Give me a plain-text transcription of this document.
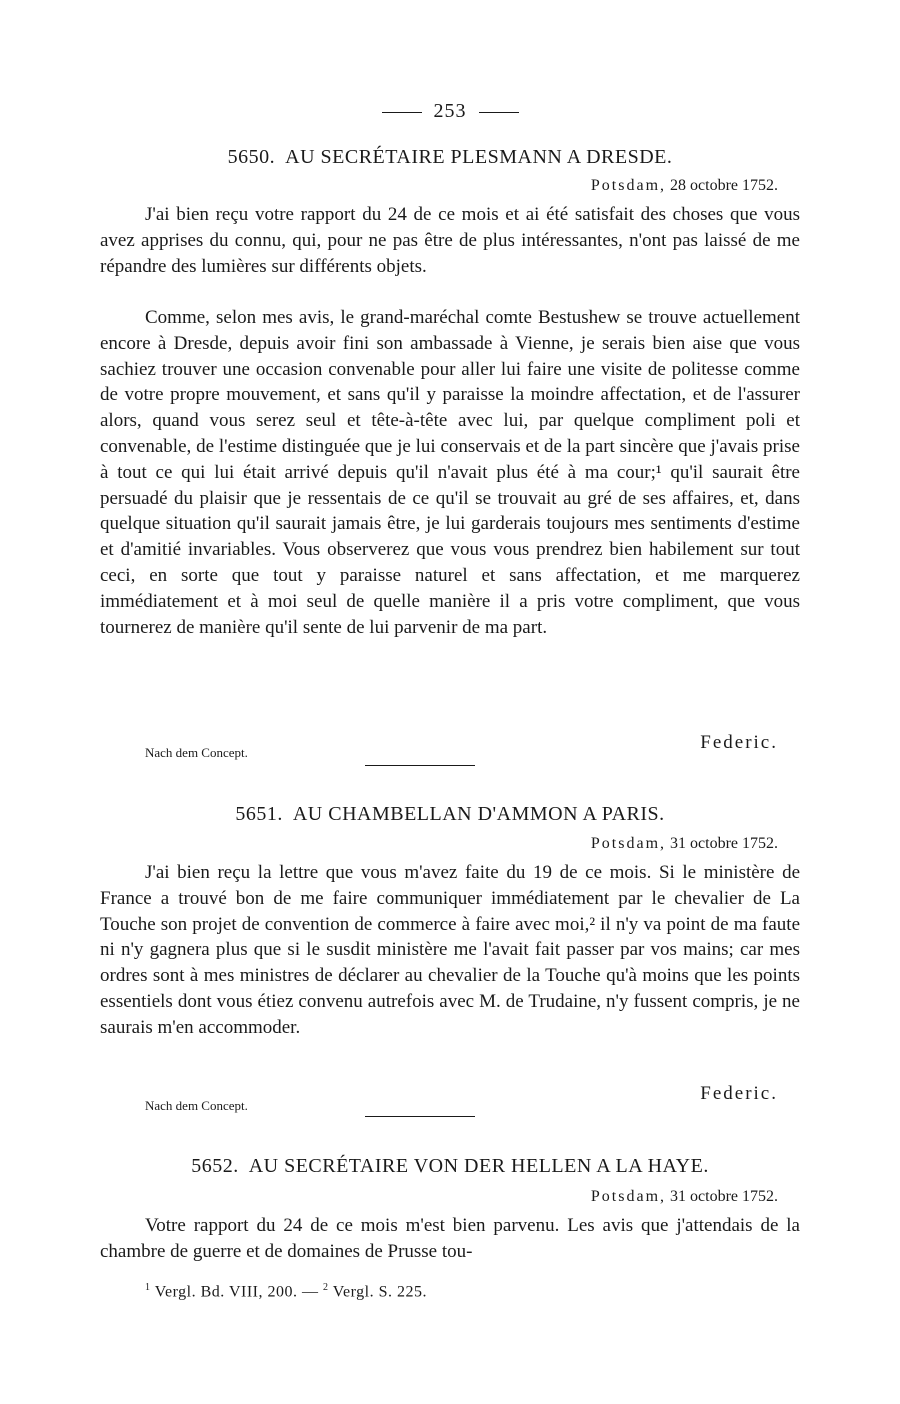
253
5650. AU SECRÉTAIRE PLESMANN A DRESDE.
Potsdam, 28 octobre 1752.

J'ai bien reçu votre rapport du 24 de ce mois et ai été satisfait des choses que vous avez apprises du connu, qui, pour ne pas être de plus intéressantes, n'ont pas laissé de me répandre des lumières sur différents objets.

Comme, selon mes avis, le grand-maréchal comte Bestushew se trouve actuellement encore à Dresde, depuis avoir fini son ambassade à Vienne, je serais bien aise que vous sachiez trouver une occasion convenable pour aller lui faire une visite de politesse comme de votre propre mouvement, et sans qu'il y paraisse la moindre affectation, et de l'assurer alors, quand vous serez seul et tête-à-tête avec lui, par quelque compliment poli et convenable, de l'estime distinguée que je lui conservais et de la part sincère que j'avais prise à tout ce qui lui était arrivé depuis qu'il n'avait plus été à ma cour;¹ qu'il saurait être persuadé du plaisir que je ressentais de ce qu'il se trouvait au gré de ses affaires, et, dans quelque situation qu'il saurait jamais être, je lui garderais toujours mes sentiments d'estime et d'amitié invariables. Vous observerez que vous vous prendrez bien habilement sur tout ceci, en sorte que tout y paraisse naturel et sans affectation, et me marquerez immédiatement et à moi seul de quelle manière il a pris votre compliment, que vous tournerez de manière qu'il sente de lui parvenir de ma part.

Nach dem Concept.	Federic.
5651. AU CHAMBELLAN D'AMMON A PARIS.
Potsdam, 31 octobre 1752.

J'ai bien reçu la lettre que vous m'avez faite du 19 de ce mois. Si le ministère de France a trouvé bon de me faire communiquer immédiatement par le chevalier de La Touche son projet de convention de commerce à faire avec moi,² il n'y va point de ma faute ni n'y gagnera plus que si le susdit ministère me l'avait fait passer par vos mains; car mes ordres sont à mes ministres de déclarer au chevalier de la Touche qu'à moins que les points essentiels dont vous étiez convenu autrefois avec M. de Trudaine, n'y fussent compris, je ne saurais m'en accommoder.

Nach dem Concept.
Federic.
5652. AU SECRÉTAIRE VON DER HELLEN A LA HAYE.
Potsdam, 31 octobre 1752.

Votre rapport du 24 de ce mois m'est bien parvenu. Les avis que j'attendais de la chambre de guerre et de domaines de Prusse tou-

$^1$ Vergl. Bd. VIII, 200. — $^2$ Vergl. S. 225.
